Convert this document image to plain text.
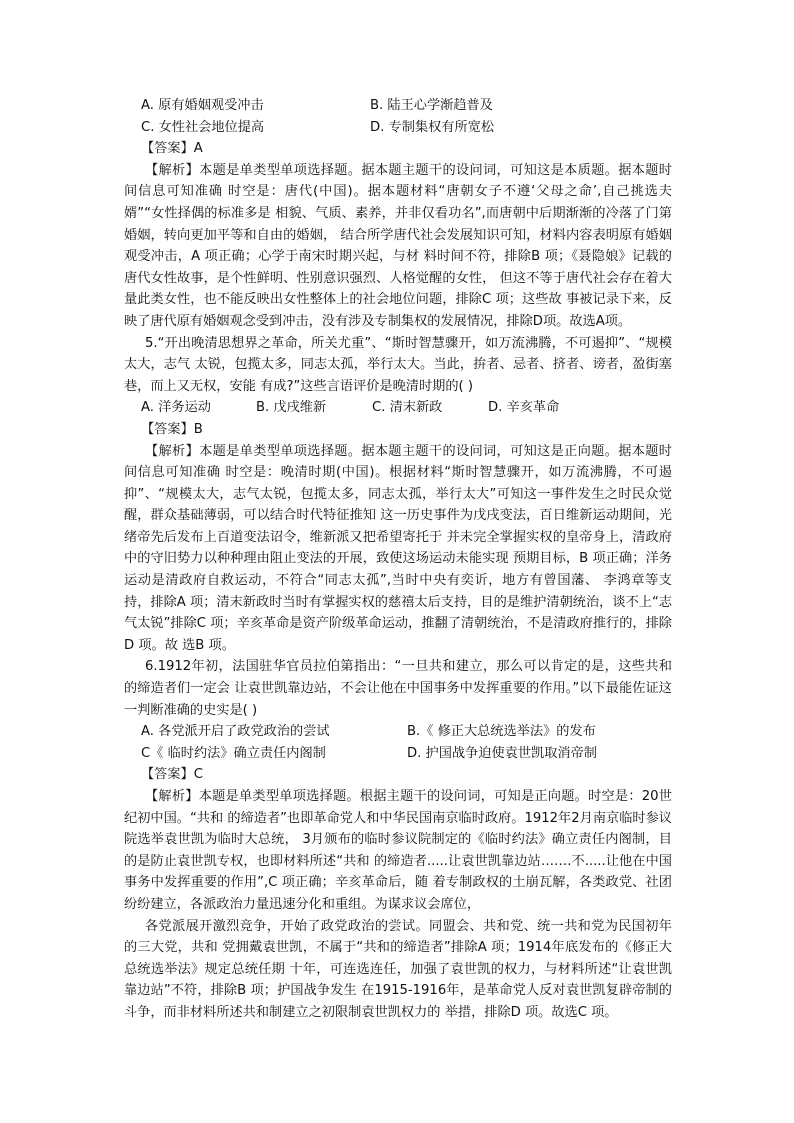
A. 原有婚姻观受冲击	B. 陆王心学渐趋普及
C. 女性社会地位提高	D. 专制集权有所宽松
【答案】A

【解析】本题是单类型单项选择题。据本题主题干的设问词，可知这是本质题。据本题时间信息可知准确 时空是：唐代(中国)。据本题材料“唐朝女子不遵‘父母之命’,自己挑选夫婿”“女性择偶的标准多是 相貌、气质、素养，并非仅看功名”,而唐朝中后期渐渐的冷落了门第婚姻，转向更加平等和自由的婚姻， 结合所学唐代社会发展知识可知，材料内容表明原有婚姻观受冲击，A 项正确；心学于南宋时期兴起，与材 料时间不符，排除B 项；《聂隐娘》记载的唐代女性故事，是个性鲜明、性别意识强烈、人格觉醒的女性， 但这不等于唐代社会存在着大量此类女性，也不能反映出女性整体上的社会地位问题，排除C 项；这些故 事被记录下来，反映了唐代原有婚姻观念受到冲击，没有涉及专制集权的发展情况，排除D项。故选A项。

5.“开出晚清思想界之革命，所关尤重”、“斯时智慧骤开，如万流沸腾，不可遏抑”、“规模太大，志气 太锐，包揽太多，同志太孤，举行太大。当此，拚者、忌者、挤者、谤者，盈街塞巷，而上又无权，安能 有成?”这些言语评价是晚清时期的( )

A. 洋务运动	B. 戊戌维新	C. 清末新政	D. 辛亥革命
【答案】B

【解析】本题是单类型单项选择题。据本题主题干的设问词，可知这是正向题。据本题时间信息可知准确 时空是：晚清时期(中国)。根据材料“斯时智慧骤开，如万流沸腾，不可遏抑”、“规模太大，志气太锐，包揽太多，同志太孤，举行太大”可知这一事件发生之时民众觉醒，群众基础薄弱，可以结合时代特征推知 这一历史事件为戊戌变法，百日维新运动期间，光绪帝先后发布上百道变法诏令，维新派又把希望寄托于 并未完全掌握实权的皇帝身上，清政府中的守旧势力以种种理由阻止变法的开展，致使这场运动未能实现 预期目标，B 项正确；洋务运动是清政府自救运动，不符合“同志太孤”,当时中央有奕䜣，地方有曾国藩、 李鸿章等支持，排除A 项；清末新政时当时有掌握实权的慈禧太后支持，目的是维护清朝统治，谈不上“志 气太锐”排除C 项；辛亥革命是资产阶级革命运动，推翻了清朝统治，不是清政府推行的，排除D 项。故 选B 项。

6.1912年初，法国驻华官员拉伯第指出：“一旦共和建立，那么可以肯定的是，这些共和的缔造者们一定会 让袁世凯靠边站，不会让他在中国事务中发挥重要的作用。”以下最能佐证这一判断准确的史实是( )

A. 各党派开启了政党政治的尝试	B.《 修正大总统选举法》的发布
C《 临时约法》确立责任内阁制	D. 护国战争迫使袁世凯取消帝制
【答案】C

【解析】本题是单类型单项选择题。根据主题干的设问词，可知是正向题。时空是：20世纪初中国。“共和 的缔造者”也即革命党人和中华民国南京临时政府。1912年2月南京临时参议院选举袁世凯为临时大总统， 3月颁布的临时参议院制定的《临时约法》确立责任内阁制，目的是防止袁世凯专权，也即材料所述“共和 的缔造者.....让袁世凯靠边站…….不.....让他在中国事务中发挥重要的作用”,C 项正确；辛亥革命后，随 着专制政权的土崩瓦解，各类政党、社团纷纷建立，各派政治力量迅速分化和重组。为谋求议会席位，

各党派展开激烈竞争，开始了政党政治的尝试。同盟会、共和党、统一共和党为民国初年的三大党，共和 党拥戴袁世凯，不属于“共和的缔造者”排除A 项；1914年底发布的《修正大总统选举法》规定总统任期 十年，可连选连任，加强了袁世凯的权力，与材料所述“让袁世凯靠边站”不符，排除B 项；护国战争发生 在1915-1916年，是革命党人反对袁世凯复辟帝制的斗争，而非材料所述共和制建立之初限制袁世凯权力的 举措，排除D 项。故选C 项。
